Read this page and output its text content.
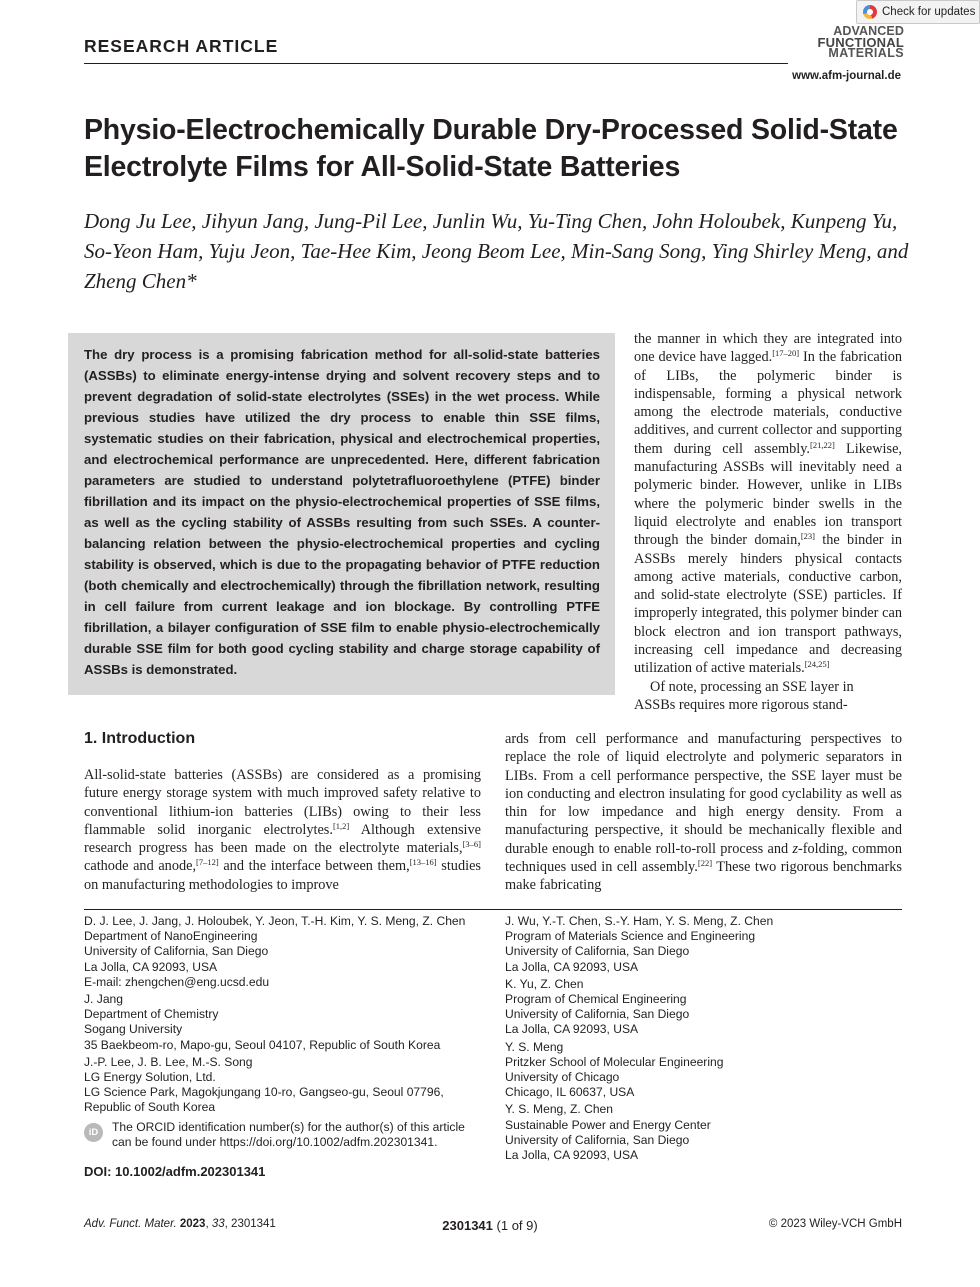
RESEARCH ARTICLE
ADVANCED
FUNCTIONAL
MATERIALS
www.afm-journal.de
Check for updates
Physio-Electrochemically Durable Dry-Processed Solid-State Electrolyte Films for All-Solid-State Batteries
Dong Ju Lee, Jihyun Jang, Jung-Pil Lee, Junlin Wu, Yu-Ting Chen, John Holoubek, Kunpeng Yu, So-Yeon Ham, Yuju Jeon, Tae-Hee Kim, Jeong Beom Lee, Min-Sang Song, Ying Shirley Meng, and Zheng Chen*
The dry process is a promising fabrication method for all-solid-state batteries (ASSBs) to eliminate energy-intense drying and solvent recovery steps and to prevent degradation of solid-state electrolytes (SSEs) in the wet process. While previous studies have utilized the dry process to enable thin SSE films, systematic studies on their fabrication, physical and electrochemical properties, and electrochemical performance are unprecedented. Here, different fabrication parameters are studied to understand polytetrafluoroethylene (PTFE) binder fibrillation and its impact on the physio-electrochemical properties of SSE films, as well as the cycling stability of ASSBs resulting from such SSEs. A counter-balancing relation between the physio-electrochemical properties and cycling stability is observed, which is due to the propagating behavior of PTFE reduction (both chemically and electrochemically) through the fibrillation network, resulting in cell failure from current leakage and ion blockage. By controlling PTFE fibrillation, a bilayer configuration of SSE film to enable physio-electrochemically durable SSE film for both good cycling stability and charge storage capability of ASSBs is demonstrated.
the manner in which they are integrated into one device have lagged.[17–20] In the fabrication of LIBs, the polymeric binder is indispensable, forming a physical network among the electrode materials, conductive additives, and current collector and supporting them during cell assembly.[21,22] Likewise, manufacturing ASSBs will inevitably need a polymeric binder. However, unlike in LIBs where the polymeric binder swells in the liquid electrolyte and enables ion transport through the binder domain,[23] the binder in ASSBs merely hinders physical contacts among active materials, conductive carbon, and solid-state electrolyte (SSE) particles. If improperly integrated, this polymer binder can block electron and ion transport pathways, increasing cell impedance and decreasing utilization of active materials.[24,25]
Of note, processing an SSE layer in
ASSBs requires more rigorous stand-
ards from cell performance and manufacturing perspectives to replace the role of liquid electrolyte and polymeric separators in LIBs. From a cell performance perspective, the SSE layer must be ion conducting and electron insulating for good cyclability as well as thin for low impedance and high energy density. From a manufacturing perspective, it should be mechanically flexible and durable enough to enable roll-to-roll process and z-folding, common techniques used in cell assembly.[22] These two rigorous benchmarks make fabricating
1. Introduction
All-solid-state batteries (ASSBs) are considered as a promising future energy storage system with much improved safety relative to conventional lithium-ion batteries (LIBs) owing to their less flammable solid inorganic electrolytes.[1,2] Although extensive research progress has been made on the electrolyte materials,[3–6] cathode and anode,[7–12] and the interface between them,[13–16] studies on manufacturing methodologies to improve
D. J. Lee, J. Jang, J. Holoubek, Y. Jeon, T.-H. Kim, Y. S. Meng, Z. Chen
Department of NanoEngineering
University of California, San Diego
La Jolla, CA 92093, USA
E-mail: zhengchen@eng.ucsd.edu
J. Jang
Department of Chemistry
Sogang University
35 Baekbeom-ro, Mapo-gu, Seoul 04107, Republic of South Korea
J.-P. Lee, J. B. Lee, M.-S. Song
LG Energy Solution, Ltd.
LG Science Park, Magokjungang 10-ro, Gangseo-gu, Seoul 07796, Republic of South Korea
J. Wu, Y.-T. Chen, S.-Y. Ham, Y. S. Meng, Z. Chen
Program of Materials Science and Engineering
University of California, San Diego
La Jolla, CA 92093, USA
K. Yu, Z. Chen
Program of Chemical Engineering
University of California, San Diego
La Jolla, CA 92093, USA
Y. S. Meng
Pritzker School of Molecular Engineering
University of Chicago
Chicago, IL 60637, USA
Y. S. Meng, Z. Chen
Sustainable Power and Energy Center
University of California, San Diego
La Jolla, CA 92093, USA
iD	The ORCID identification number(s) for the author(s) of this article
can be found under https://doi.org/10.1002/adfm.202301341.
DOI: 10.1002/adfm.202301341
Adv. Funct. Mater. 2023, 33, 2301341	2301341 (1 of 9)	© 2023 Wiley-VCH GmbH
